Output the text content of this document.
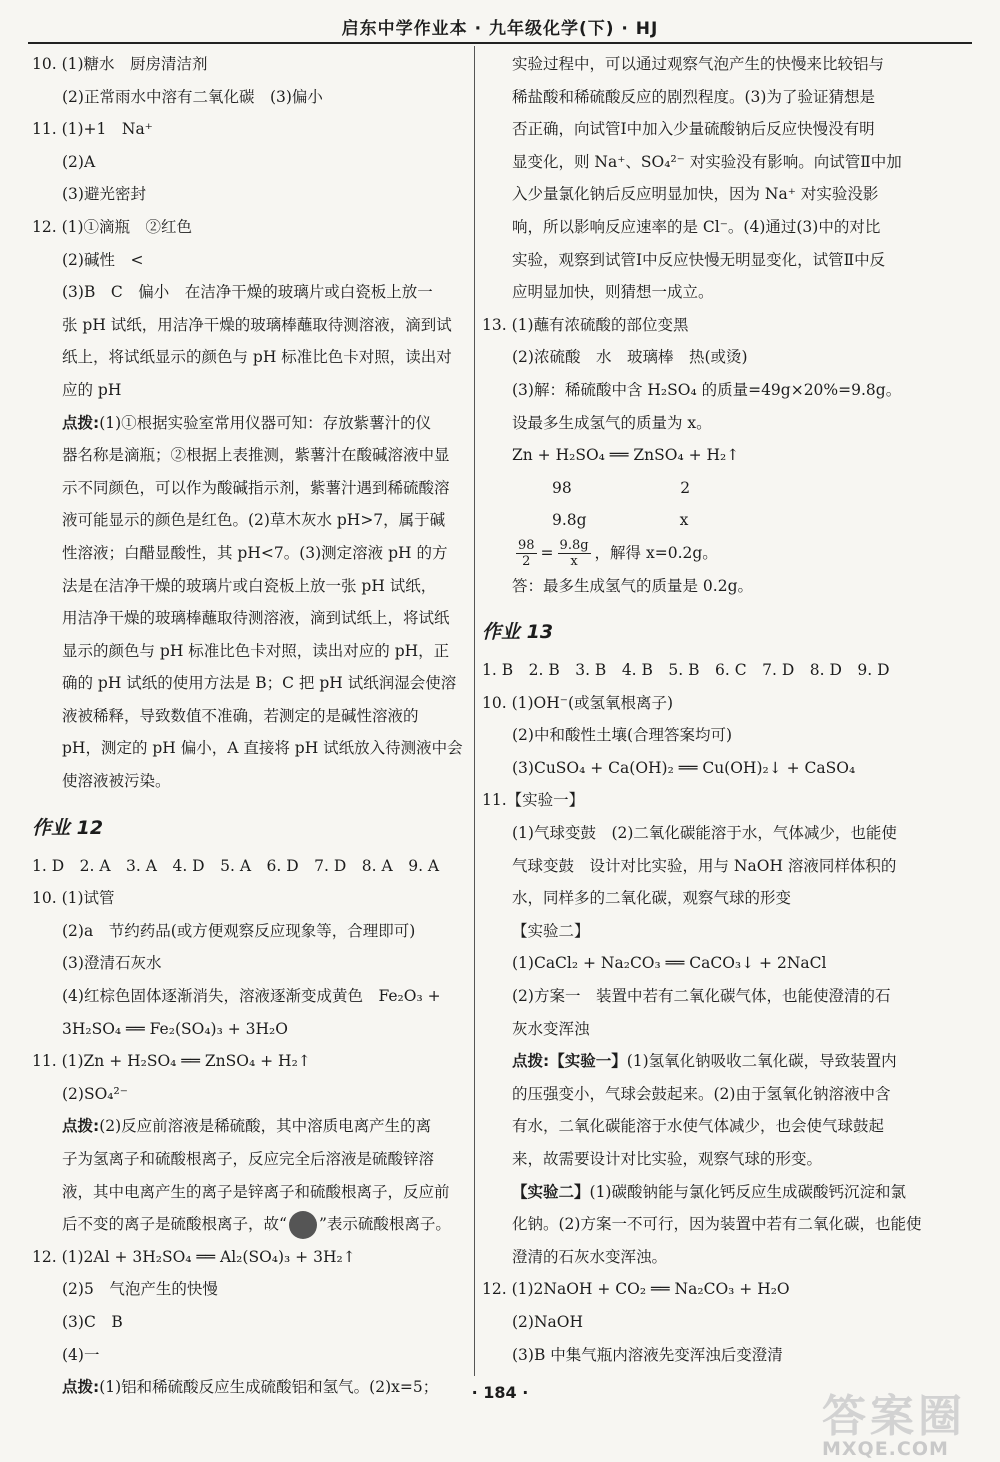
启东中学作业本 · 九年级化学(下) · HJ
10. (1)糖水　厨房清洁剂
(2)正常雨水中溶有二氧化碳　(3)偏小
11. (1)+1　Na⁺
(2)A
(3)避光密封
12. (1)①滴瓶　②红色
(2)碱性　<
(3)B　C　偏小　在洁净干燥的玻璃片或白瓷板上放一
张 pH 试纸，用洁净干燥的玻璃棒蘸取待测溶液，滴到试
纸上，将试纸显示的颜色与 pH 标准比色卡对照，读出对
应的 pH
点拨:(1)①根据实验室常用仪器可知：存放紫薯汁的仪
器名称是滴瓶；②根据上表推测，紫薯汁在酸碱溶液中显
示不同颜色，可以作为酸碱指示剂，紫薯汁遇到稀硫酸溶
液可能显示的颜色是红色。(2)草木灰水 pH>7，属于碱
性溶液；白醋显酸性，其 pH<7。(3)测定溶液 pH 的方
法是在洁净干燥的玻璃片或白瓷板上放一张 pH 试纸，
用洁净干燥的玻璃棒蘸取待测溶液，滴到试纸上，将试纸
显示的颜色与 pH 标准比色卡对照，读出对应的 pH，正
确的 pH 试纸的使用方法是 B；C 把 pH 试纸润湿会使溶
液被稀释，导致数值不准确，若测定的是碱性溶液的
pH，测定的 pH 偏小，A 直接将 pH 试纸放入待测液中会
使溶液被污染。
作业 12
1. D　2. A　3. A　4. D　5. A　6. D　7. D　8. A　9. A
10. (1)试管
(2)a　节约药品(或方便观察反应现象等，合理即可)
(3)澄清石灰水
(4)红棕色固体逐渐消失，溶液逐渐变成黄色　Fe₂O₃ +
3H₂SO₄ ══ Fe₂(SO₄)₃ + 3H₂O
11. (1)Zn + H₂SO₄ ══ ZnSO₄ + H₂↑
(2)SO₄²⁻
点拨:(2)反应前溶液是稀硫酸，其中溶质电离产生的离
子为氢离子和硫酸根离子，反应完全后溶液是硫酸锌溶
液，其中电离产生的离子是锌离子和硫酸根离子，反应前
后不变的离子是硫酸根离子，故“ ”表示硫酸根离子。
12. (1)2Al + 3H₂SO₄ ══ Al₂(SO₄)₃ + 3H₂↑
(2)5　气泡产生的快慢
(3)C　B
(4)一
点拨:(1)铝和稀硫酸反应生成硫酸铝和氢气。(2)x=5；
实验过程中，可以通过观察气泡产生的快慢来比较铝与
稀盐酸和稀硫酸反应的剧烈程度。(3)为了验证猜想是
否正确，向试管Ⅰ中加入少量硫酸钠后反应快慢没有明
显变化，则 Na⁺、SO₄²⁻ 对实验没有影响。向试管Ⅱ中加
入少量氯化钠后反应明显加快，因为 Na⁺ 对实验没影
响，所以影响反应速率的是 Cl⁻。(4)通过(3)中的对比
实验，观察到试管Ⅰ中反应快慢无明显变化，试管Ⅱ中反
应明显加快，则猜想一成立。
13. (1)蘸有浓硫酸的部位变黑
(2)浓硫酸　水　玻璃棒　热(或烫)
(3)解：稀硫酸中含 H₂SO₄ 的质量=49g×20%=9.8g。
设最多生成氢气的质量为 x。
Zn + H₂SO₄ ══ ZnSO₄ + H₂↑
98　　　　　　　2
9.8g　　　　　　x
$\frac{98}{2} = \frac{9.8g}{x}$ ，解得 x=0.2g。
答：最多生成氢气的质量是 0.2g。
作业 13
1. B　2. B　3. B　4. B　5. B　6. C　7. D　8. D　9. D
10. (1)OH⁻(或氢氧根离子)
(2)中和酸性土壤(合理答案均可)
(3)CuSO₄ + Ca(OH)₂ ══ Cu(OH)₂↓ + CaSO₄
11.【实验一】
(1)气球变鼓　(2)二氧化碳能溶于水，气体减少，也能使
气球变鼓　设计对比实验，用与 NaOH 溶液同样体积的
水，同样多的二氧化碳，观察气球的形变
【实验二】
(1)CaCl₂ + Na₂CO₃ ══ CaCO₃↓ + 2NaCl
(2)方案一　装置中若有二氧化碳气体，也能使澄清的石
灰水变浑浊
点拨:【实验一】(1)氢氧化钠吸收二氧化碳，导致装置内
的压强变小，气球会鼓起来。(2)由于氢氧化钠溶液中含
有水，二氧化碳能溶于水使气体减少，也会使气球鼓起
来，故需要设计对比实验，观察气球的形变。
【实验二】(1)碳酸钠能与氯化钙反应生成碳酸钙沉淀和氯
化钠。(2)方案一不可行，因为装置中若有二氧化碳，也能使
澄清的石灰水变浑浊。
12. (1)2NaOH + CO₂ ══ Na₂CO₃ + H₂O
(2)NaOH
(3)B 中集气瓶内溶液先变浑浊后变澄清
· 184 ·	答案圈
MXQE.COM
